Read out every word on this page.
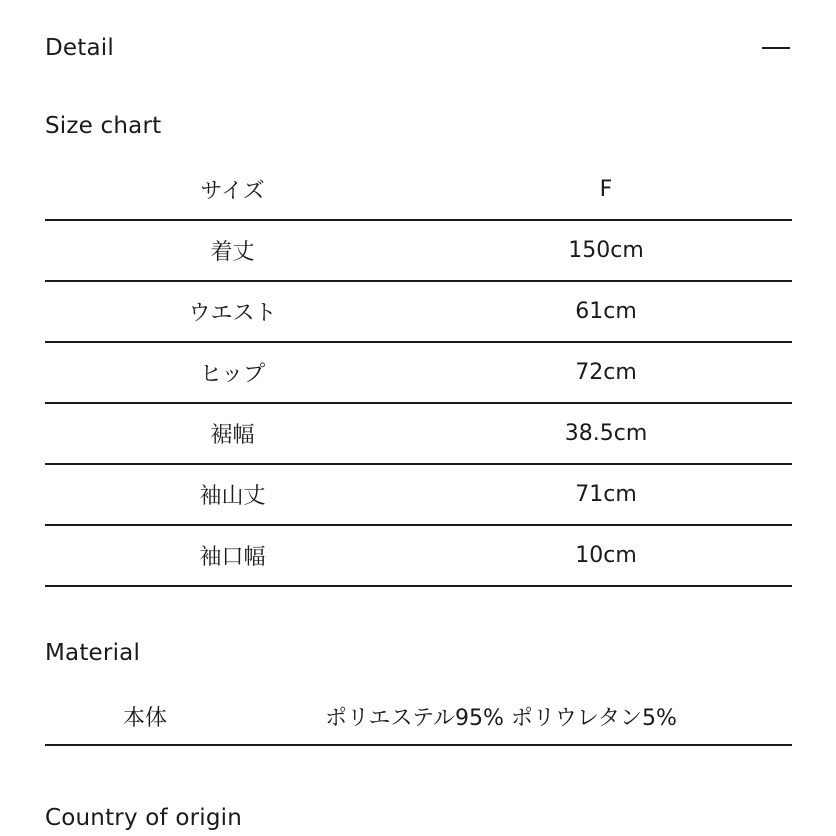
Detail
Size chart
サイズ	F
着丈	150cm
ウエスト	61cm
ヒップ	72cm
裾幅	38.5cm
袖山丈	71cm
袖口幅	10cm
Material
本体	ポリエステル95% ポリウレタン5%
Country of origin
